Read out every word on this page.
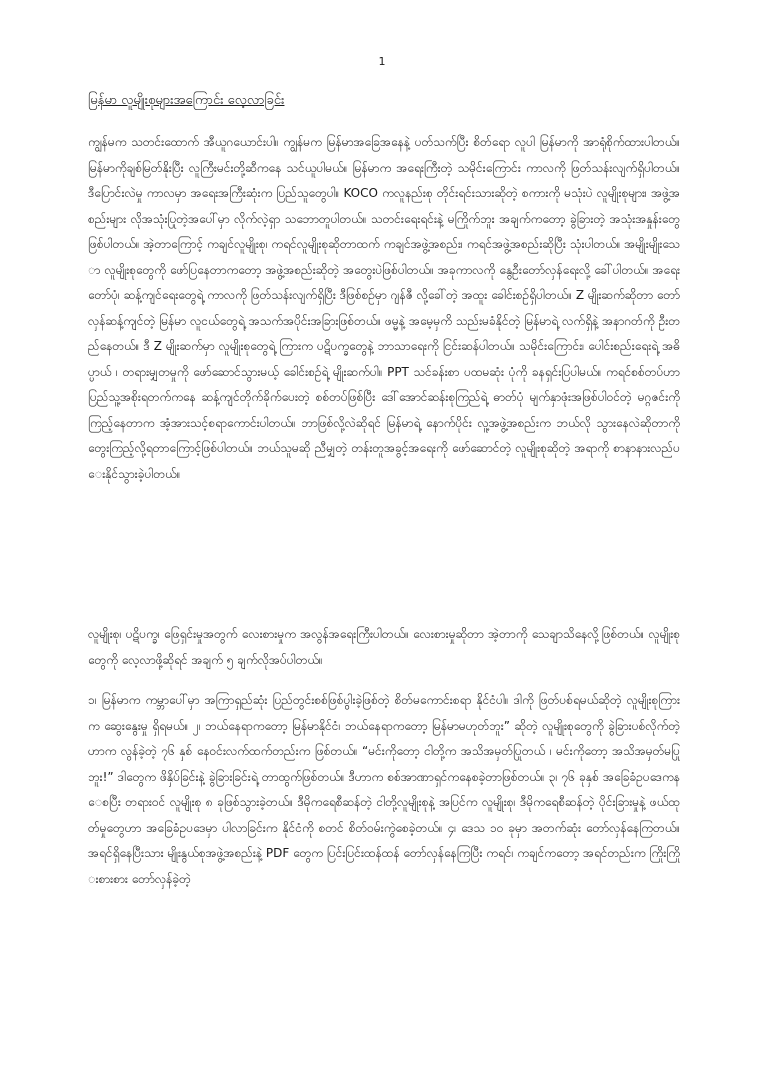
1
မြန်မာ လူမျိုးစုများအကြောင်း လေ့လာခြင်း
ကျွန်မက သတင်းထောက် အီယူဂယောင်းပါ။ ကျွန်မက မြန်မာအခြေအနေနဲ့ ပတ်သက်ပြီး စိတ်ရော လူပါ မြန်မာကို အာရုံစိုက်ထားပါတယ်။ မြန်မာကိုချစ်မြတ်နိုးပြီး လူကြီးမင်းတို့ဆီကနေ သင်ယူပါမယ်။ မြန်မာက အရေးကြီးတဲ့ သမိုင်းကြောင်း ကာလကို ဖြတ်သန်းလျက်ရှိပါတယ်။ ဒီပြောင်းလဲမှု ကာလမှာ အရေးအကြီးဆုံးက ပြည်သူတွေပါ။ KOCO ကလူနည်းစု တိုင်းရင်းသားဆိုတဲ့ စကားကို မသုံးပဲ လူမျိုးစုများ၊ အဖွဲ့အစည်းများ လိုအသုံးပြုတဲ့အပေါ်မှာ လိုက်လဲ့ရှာ သဘောတူပါတယ်။ သတင်းရေးရင်းနဲ့ မကြိုက်ဘူး အချက်ကတော့ ခွဲခြားတဲ့ အသုံးအနှုန်းတွေဖြစ်ပါတယ်။ အဲ့တာကြောင့် ကချင်လူမျိုးစု၊ ကရင်လူမျိုးစုဆိုတာထက် ကချင်အဖွဲ့အစည်း၊ ကရင်အဖွဲ့အစည်းဆိုပြီး သုံးပါတယ်။ အမျိုးမျိုးသော လူမျိုးစုတွေကို ဖော်ပြနေတာကတော့ အဖွဲ့အစည်းဆိုတဲ့ အတွေးပဲဖြစ်ပါတယ်။ အခုကာလကို နွေဦးတော်လှန်ရေးလို့ ခေါ်ပါတယ်။ အရေးတော်ပုံ၊ ဆန့်ကျင်ရေးတွေရဲ့ ကာလကို ဖြတ်သန်းလျက်ရှိပြီး ဒီဖြစ်စဉ်မှာ ဂျန်ဇီ လို့ခေါ်တဲ့ အထူး ခေါင်းစဉ်ရှိပါတယ်။ Z မျိုးဆက်ဆိုတာ တော်လှန်ဆန့်ကျင်တဲ့ မြန်မာ လူငယ်တွေရဲ့ အသက်အပိုင်းအခြားဖြစ်တယ်။ ဖမ္မနဲ့ အမေ့မှကိ သည်းမခံနိုင်တဲ့ မြန်မာရဲ့ လက်ရှိနဲ့ အနာဂတ်ကို ဦးတည်နေတယ်။ ဒီ Z မျိုးဆက်မှာ လူမျိုးစုတွေရဲ့ ကြားက ပဋိပက္ခတွေနဲ့ ဘာသာရေးကို ငြင်းဆန်ပါတယ်။ သမိုင်းကြောင်း၊ ပေါင်းစည်းရေးရဲ့ အဓိပ္ပာယ် ၊ တရားမျှတမှုကို ဖော်ဆောင်သွားမယ့် ခေါင်းစဉ်ရဲ့ မျိုးဆက်ပါ။ PPT သင်ခန်းစာ ပထမဆုံး ပုံကို ခနရှင်းပြပါမယ်။ ကရင်စစ်တပ်ဟာ ပြည်သူ့အစိုးရတက်ကနေ ဆန့်ကျင်တိုက်ခိုက်ပေးတဲ့ စစ်တပ်ဖြစ်ပြီး ဒေါ်အောင်ဆန်းစုကြည်ရဲ့ ဓာတ်ပုံ မျက်နှာဖုံးအဖြစ်ပါဝင်တဲ့ မဂ္ဂဇင်းကို ကြည့်နေတာက အံ့အားသင့်စရာကောင်းပါတယ်။ ဘာဖြစ်လို့လဲဆိုရင် မြန်မာရဲ့ နောက်ပိုင်း လူ့အဖွဲ့အစည်းက ဘယ်လို သွားနေလဲဆိုတာကို တွေးကြည့်လို့ရတာကြောင့်ဖြစ်ပါတယ်။ ဘယ်သူမဆို ညီမျှတဲ့ တန်းတူအခွင့်အရေးကို ဖော်ဆောင်တဲ့ လူမျိုးစုဆိုတဲ့ အရာကို စာနာနားလည်ပေးနိုင်သွားခဲ့ပါတယ်။
လူမျိုးစု၊ ပဋိပက္ခ၊ ဖြေရှင်းမှုအတွက် လေးစားမှုက အလွန်အရေးကြီးပါတယ်။ လေးစားမှုဆိုတာ အဲ့တာကို သေချာသိနေလို့ဖြစ်တယ်။ လူမျိုးစုတွေကို လေ့လာဖို့ဆိုရင် အချက် ၅ ချက်လိုအပ်ပါတယ်။
၁၊ မြန်မာက ကမ္ဘာပေါ်မှာ အကြာရှည်ဆုံး ပြည်တွင်းစစ်ဖြစ်ပွါးခဲ့ဖြစ်တဲ့ စိတ်မကောင်းစရာ နိုင်ငံပါ။ ဒါကို ဖြတ်ပစ်ရမယ်ဆိုတဲ့ လူမျိုးစုကြားက ဆွေးနွေးမှု ရှိရမယ်။ ၂၊ ဘယ်နေရာကတော့ မြန်မာနိုင်ငံ၊ ဘယ်နေရာကတော့ မြန်မာမဟုတ်ဘူး” ဆိုတဲ့ လူမျိုးစုတွေကို ခွဲခြားပစ်လိုက်တဲ့ ဟာက လွန်ခဲ့တဲ့ ၇၆ နှစ် နေဝင်းလက်ထက်တည်းက ဖြစ်တယ်။ “မင်းကိုတော့ ငါတို့က အသိအမှတ်ပြုတယ် ၊ မင်းကိုတော့ အသိအမှတ်မပြုဘူး!” ဒါတွေက ဖိနှိပ်ခြင်းနဲ့ ခွဲခြားခြင်းရဲ့ တာထွက်ဖြစ်တယ်။ ဒီဟာက စစ်အာဏာရှင်ကနေစခဲ့တာဖြစ်တယ်။ ၃၊ ၇၆ ခုနှစ် အခြေခံဥပဒေကနေစပြီး တရားဝင် လူမျိုးစု ၈ ခုဖြစ်သွားခဲ့တယ်။ ဒီမိုကရေစီဆန်တဲ့ ငါတို့လူမျိုးစုနဲ့ အပြင်က လူမျိုးစု၊ ဒီမိုကရေစီဆန်တဲ့ ပိုင်းခြားမှုနဲ့ ဖယ်ထုတ်မှုတွေဟာ အခြေခံဥပဒေမှာ ပါလာခြင်းက နိုင်ငံကို စတင် စိတ်ဝမ်းကွဲစေခဲ့တယ်။ ၄၊ ဒေသ ၁၀ ခုမှာ အတက်ဆုံး တော်လှန်နေကြတယ်။ အရင်ရှိနေပြီးသား မျိုးနွယ်စုအဖွဲ့အစည်းနဲ့ PDF တွေက ပြင်းပြင်းထန်ထန် တော်လှန်နေကြပြီး ကရင်၊ ကချင်ကတော့ အရင်တည်းက ကြိုးကြိုးစားစား တော်လှန်ခဲ့တဲ့
